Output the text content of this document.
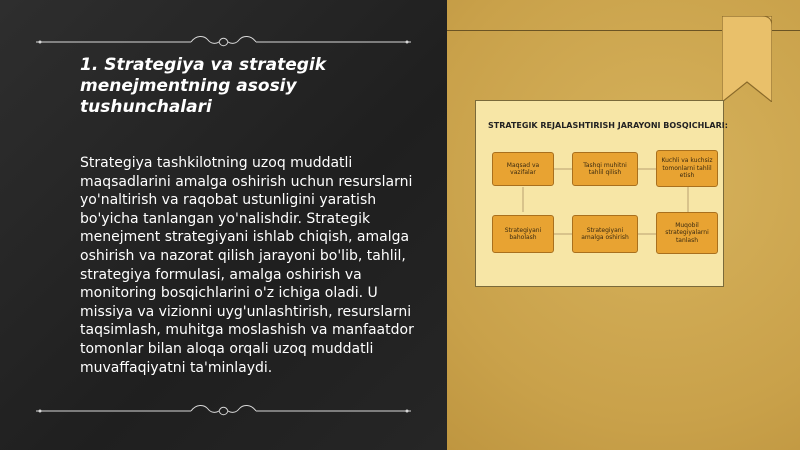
1. Strategiya va strategik menejmentning asosiy tushunchalari

Strategiya tashkilotning uzoq muddatli maqsadlarini amalga oshirish uchun resurslarni yo'naltirish va raqobat ustunligini yaratish bo'yicha tanlangan yo'nalishdir. Strategik menejment strategiyani ishlab chiqish, amalga oshirish va nazorat qilish jarayoni bo'lib, tahlil, strategiya formulasi, amalga oshirish va monitoring bosqichlarini o'z ichiga oladi. U missiya va vizionni uyg'unlashtirish, resurslarni taqsimlash, muhitga moslashish va manfaatdor tomonlar bilan aloqa orqali uzoq muddatli muvaffaqiyatni ta'minlaydi.

STRATEGIK REJALASHTIRISH JARAYONI BOSQICHLARI:
Maqsad va vazifalar
Tashqi muhitni tahlil qilish
Kuchli va kuchsiz tomonlarni tahlil etish
Strategiyani baholash
Strategiyani amalga oshirish
Muqobil strategiyalarni tanlash
